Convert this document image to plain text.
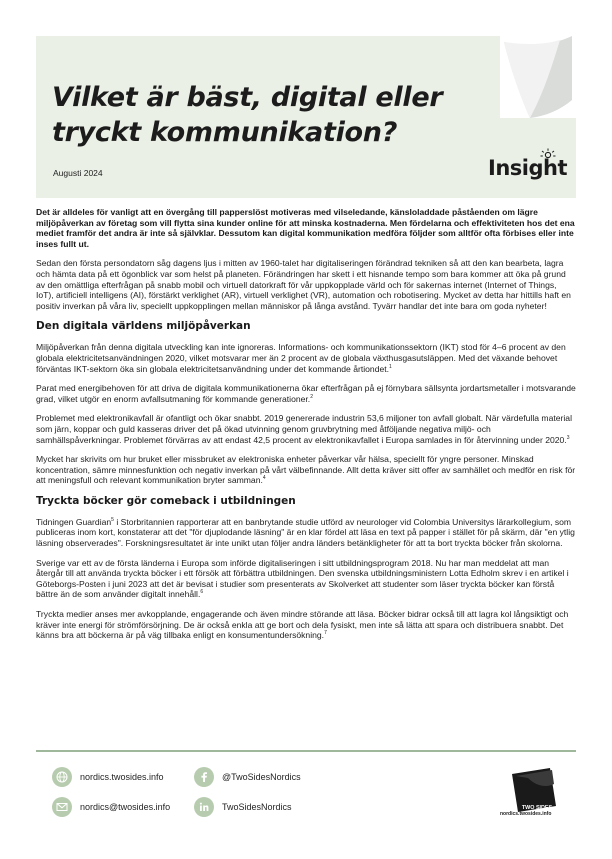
Vilket är bäst, digital eller tryckt kommunikation?
Augusti 2024	Insight

Det är alldeles för vanligt att en övergång till papperslöst motiveras med vilseledande, känsloladdade påståenden om lägre miljöpåverkan av företag som vill flytta sina kunder online för att minska kostnaderna. Men fördelarna och effektiviteten hos det ena mediet framför det andra är inte så självklar. Dessutom kan digital kommunikation medföra följder som alltför ofta förbises eller inte inses fullt ut.

Sedan den första persondatorn såg dagens ljus i mitten av 1960-talet har digitaliseringen förändrad tekniken så att den kan bearbeta, lagra och hämta data på ett ögonblick var som helst på planeten. Förändringen har skett i ett hisnande tempo som bara kommer att öka på grund av den omättliga efterfrågan på snabb mobil och virtuell datorkraft för vår uppkopplade värld och för sakernas internet (Internet of Things, IoT), artificiell intelligens (AI), förstärkt verklighet (AR), virtuell verklighet (VR), automation och robotisering. Mycket av detta har hittills haft en positiv inverkan på våra liv, speciellt uppkopplingen mellan människor på långa avstånd. Tyvärr handlar det inte bara om goda nyheter!

Den digitala världens miljöpåverkan

Miljöpåverkan från denna digitala utveckling kan inte ignoreras. Informations- och kommunikationssektorn (IKT) stod för 4–6 procent av den globala elektricitetsanvändningen 2020, vilket motsvarar mer än 2 procent av de globala växthusgasutsläppen. Med det växande behovet förväntas IKT-sektorn öka sin globala elektricitetsanvändning under det kommande årtiondet.$^1$

Parat med energibehoven för att driva de digitala kommunikationerna ökar efterfrågan på ej förnybara sällsynta jordartsmetaller i motsvarande grad, vilket utgör en enorm avfallsutmaning för kommande generationer.$^2$

Problemet med elektronikavfall är ofantligt och ökar snabbt. 2019 genererade industrin 53,6 miljoner ton avfall globalt. När värdefulla material som järn, koppar och guld kasseras driver det på ökad utvinning genom gruvbrytning med åtföljande negativa miljö- och samhällspåverkningar. Problemet förvärras av att endast 42,5 procent av elektronikavfallet i Europa samlades in för återvinning under 2020.$^3$

Mycket har skrivits om hur bruket eller missbruket av elektroniska enheter påverkar vår hälsa, speciellt för yngre personer. Minskad koncentration, sämre minnesfunktion och negativ inverkan på vårt välbefinnande. Allt detta kräver sitt offer av samhället och medför en risk för att meningsfull och relevant kommunikation bryter samman.$^4$

Tryckta böcker gör comeback i utbildningen

Tidningen Guardian$^5$ i Storbritannien rapporterar att en banbrytande studie utförd av neurologer vid Colombia Universitys lärarkollegium, som publiceras inom kort, konstaterar att det "för djuplodande läsning" är en klar fördel att läsa en text på papper i stället för på skärm, där "en ytlig läsning observerades". Forskningsresultatet är inte unikt utan följer andra länders betänkligheter för att ta bort tryckta böcker från skolorna.

Sverige var ett av de första länderna i Europa som införde digitaliseringen i sitt utbildningsprogram 2018. Nu har man meddelat att man återgår till att använda tryckta böcker i ett försök att förbättra utbildningen. Den svenska utbildningsministern Lotta Edholm skrev i en artikel i Göteborgs-Posten i juni 2023 att det är bevisat i studier som presenterats av Skolverket att studenter som läser tryckta böcker kan förstå bättre än de som använder digitalt innehåll.$^6$

Tryckta medier anses mer avkopplande, engagerande och även mindre störande att läsa. Böcker bidrar också till att lagra kol långsiktigt och kräver inte energi för strömförsörjning. De är också enkla att ge bort och dela fysiskt, men inte så lätta att spara och distribuera snabbt. Det känns bra att böckerna är på väg tillbaka enligt en konsumentundersökning.$^7$

nordics.twosides.info
nordics@twosides.info
@TwoSidesNordics
TwoSidesNordics	TWO SIDES
nordics.twosides.info
